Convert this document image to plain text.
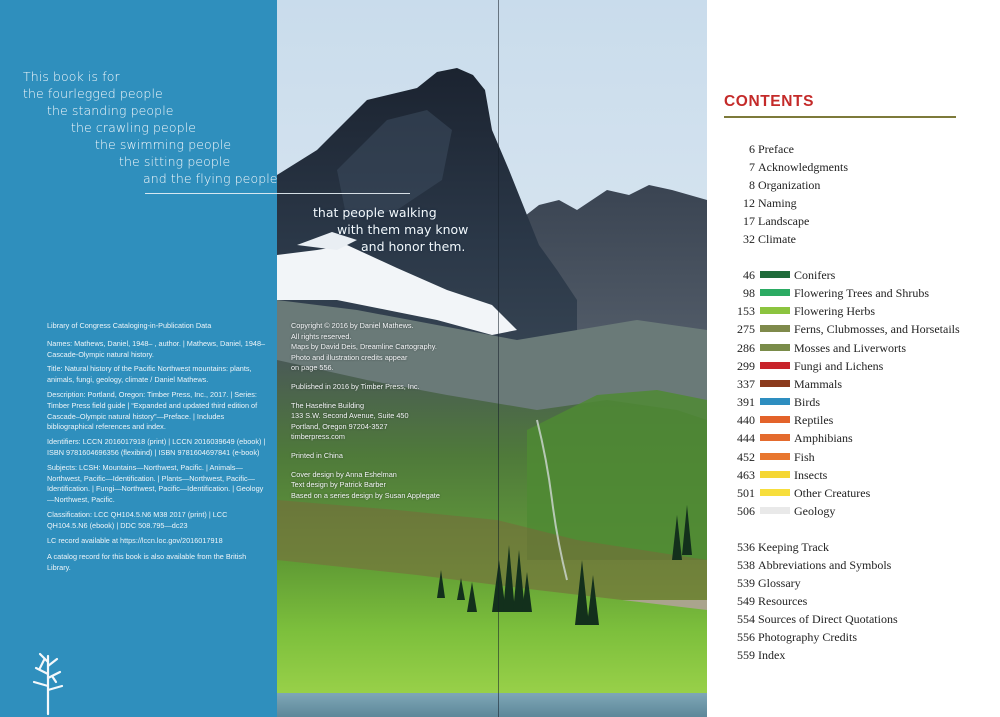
This book is for
the fourlegged people
the standing people
the crawling people
the swimming people
the sitting people
and the flying people
that people walking
with them may know
and honor them.

Library of Congress Cataloging-in-Publication Data

Names: Mathews, Daniel, 1948– , author. | Mathews, Daniel, 1948– Cascade-Olympic natural history.

Title: Natural history of the Pacific Northwest mountains: plants, animals, fungi, geology, climate / Daniel Mathews.

Description: Portland, Oregon: Timber Press, Inc., 2017. | Series: Timber Press field guide | “Expanded and updated third edition of Cascade–Olympic natural history”—Preface. | Includes bibliographical references and index.

Identifiers: LCCN 2016017918 (print) | LCCN 2016039649 (ebook) | ISBN 9781604696356 (flexibind) | ISBN 9781604697841 (e-book)

Subjects: LCSH: Mountains—Northwest, Pacific. | Animals—Northwest, Pacific—Identification. | Plants—Northwest, Pacific—Identification. | Fungi—Northwest, Pacific—Identification. | Geology—Northwest, Pacific.

Classification: LCC QH104.5.N6 M38 2017 (print) | LCC QH104.5.N6 (ebook) | DDC 508.795—dc23

LC record available at https://lccn.loc.gov/2016017918

A catalog record for this book is also available from the British Library.

Copyright © 2016 by Daniel Mathews.
All rights reserved.
Maps by David Deis, Dreamline Cartography.
Photo and illustration credits appear
on page 556.

Published in 2016 by Timber Press, Inc.

The Haseltine Building
133 S.W. Second Avenue, Suite 450
Portland, Oregon 97204-3527
timberpress.com

Printed in China

Cover design by Anna Eshelman
Text design by Patrick Barber
Based on a series design by Susan Applegate

CONTENTS
6 Preface
7 Acknowledgments
8 Organization
12 Naming
17 Landscape
32 Climate
46	Conifers
98	Flowering Trees and Shrubs
153	Flowering Herbs
275	Ferns, Clubmosses, and Horsetails
286	Mosses and Liverworts
299	Fungi and Lichens
337	Mammals
391	Birds
440	Reptiles
444	Amphibians
452	Fish
463	Insects
501	Other Creatures
506	Geology
536 Keeping Track
538 Abbreviations and Symbols
539 Glossary
549 Resources
554 Sources of Direct Quotations
556 Photography Credits
559 Index
